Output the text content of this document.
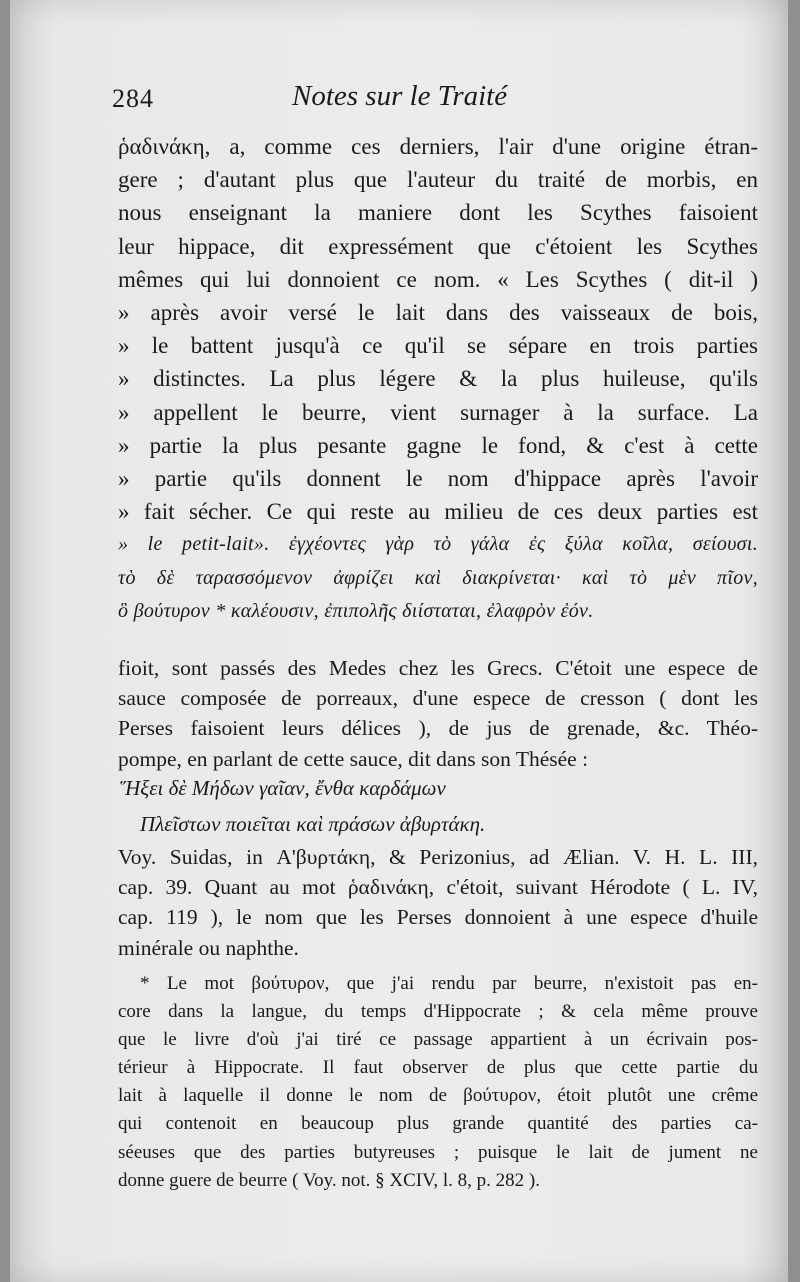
284	Notes sur le Traité
ῥαδινάκη, a, comme ces derniers, l'air d'une origine étran-
gere ; d'autant plus que l'auteur du traité de morbis, en
nous enseignant la maniere dont les Scythes faisoient
leur hippace, dit expressément que c'étoient les Scythes
mêmes qui lui donnoient ce nom. « Les Scythes ( dit-il )
» après avoir versé le lait dans des vaisseaux de bois,
» le battent jusqu'à ce qu'il se sépare en trois parties
» distinctes. La plus légere & la plus huileuse, qu'ils
» appellent le beurre, vient surnager à la surface. La
» partie la plus pesante gagne le fond, & c'est à cette
» partie qu'ils donnent le nom d'hippace après l'avoir
» fait sécher. Ce qui reste au milieu de ces deux parties est
» le petit-lait». ἐγχέοντες γὰρ τὸ γάλα ἐς ξύλα κοῖλα, σείουσι.
τὸ δὲ ταρασσόμενον ἀφρίζει καὶ διακρίνεται· καὶ τὸ μὲν πῖον,
ὃ βούτυρον * καλέουσιν, ἐπιπολῆς διίσταται, ἐλαφρὸν ἐόν.
fioit, sont passés des Medes chez les Grecs. C'étoit une espece de
sauce composée de porreaux, d'une espece de cresson ( dont les
Perses faisoient leurs délices ), de jus de grenade, &c. Théo-
pompe, en parlant de cette sauce, dit dans son Thésée :
Ἥξει δὲ Μήδων γαῖαν, ἔνθα καρδάμων
Πλεῖστων ποιεῖται καὶ πράσων ἀβυρτάκη.
Voy. Suidas, in Α'βυρτάκη, & Perizonius, ad Ælian. V. H. L. III,
cap. 39. Quant au mot ῥαδινάκη, c'étoit, suivant Hérodote ( L. IV,
cap. 119 ), le nom que les Perses donnoient à une espece d'huile
minérale ou naphthe.
* Le mot βούτυρον, que j'ai rendu par beurre, n'existoit pas en-
core dans la langue, du temps d'Hippocrate ; & cela même prouve
que le livre d'où j'ai tiré ce passage appartient à un écrivain pos-
térieur à Hippocrate. Il faut observer de plus que cette partie du
lait à laquelle il donne le nom de βούτυρον, étoit plutôt une crême
qui contenoit en beaucoup plus grande quantité des parties ca-
séeuses que des parties butyreuses ; puisque le lait de jument ne
donne guere de beurre ( Voy. not. § XCIV, l. 8, p. 282 ).
